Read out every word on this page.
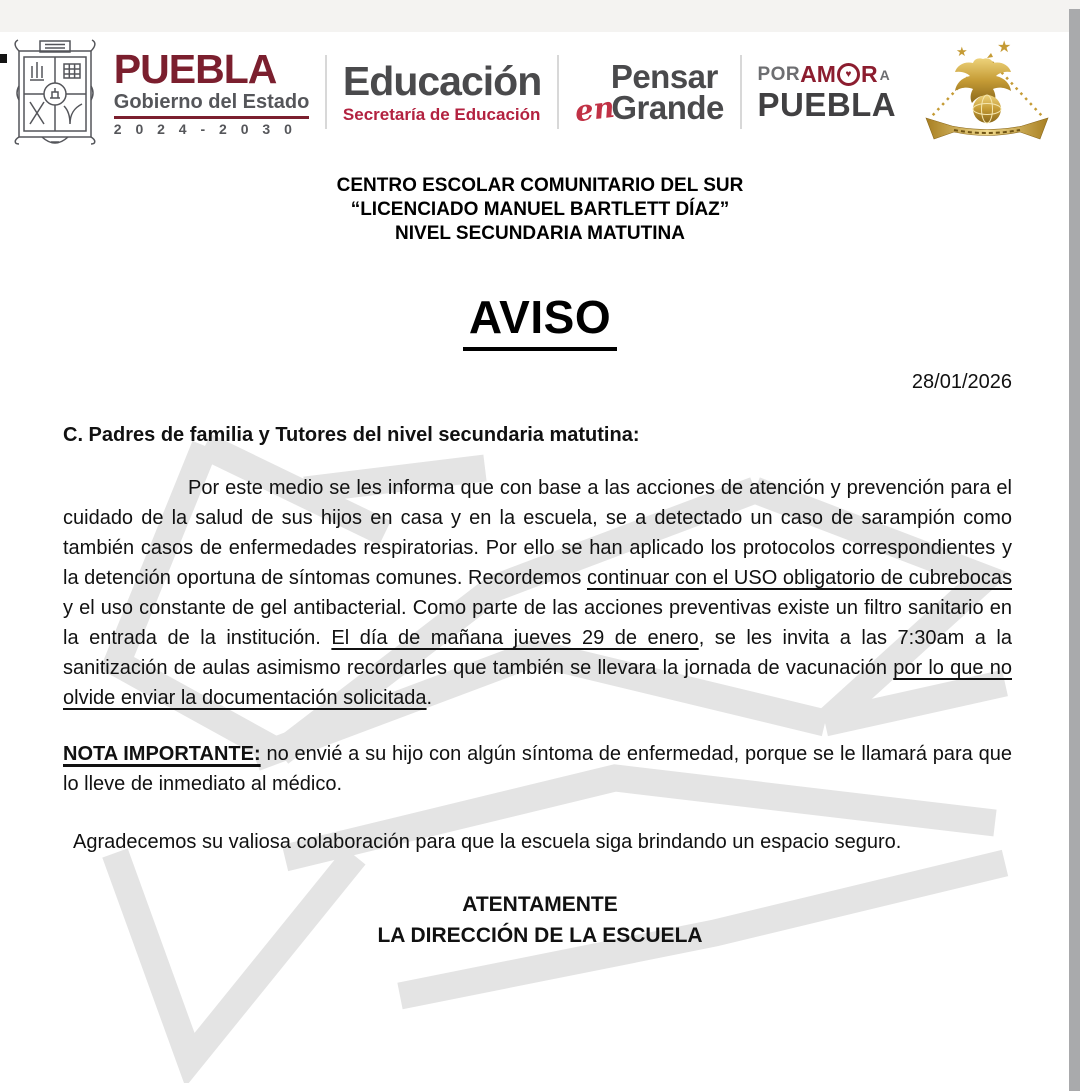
PUEBLA
Gobierno del Estado
2 0 2 4 - 2 0 3 0
Educación
Secretaría de Educación
Pensar
en
Grande
POR AM ♥ R A
PUEBLA
★ ★
CENTRO ESCOLAR COMUNITARIO DEL SUR
“LICENCIADO MANUEL BARTLETT DÍAZ”
NIVEL SECUNDARIA MATUTINA
AVISO
28/01/2026

C. Padres de familia y Tutores del nivel secundaria matutina:

Por este medio se les informa que con base a las acciones de atención y prevención para el cuidado de la salud de sus hijos en casa y en la escuela, se a detectado un caso de sarampión como también casos de enfermedades respiratorias. Por ello se han aplicado los protocolos correspondientes y la detención oportuna de síntomas comunes. Recordemos continuar con el USO obligatorio de cubrebocas y el uso constante de gel antibacterial. Como parte de las acciones preventivas existe un filtro sanitario en la entrada de la institución. El día de mañana jueves 29 de enero, se les invita a las 7:30am a la sanitización de aulas asimismo recordarles que también se llevara la jornada de vacunación por lo que no olvide enviar la documentación solicitada.

NOTA IMPORTANTE: no envié a su hijo con algún síntoma de enfermedad, porque se le llamará para que lo lleve de inmediato al médico.

Agradecemos su valiosa colaboración para que la escuela siga brindando un espacio seguro.

ATENTAMENTE
LA DIRECCIÓN DE LA ESCUELA
